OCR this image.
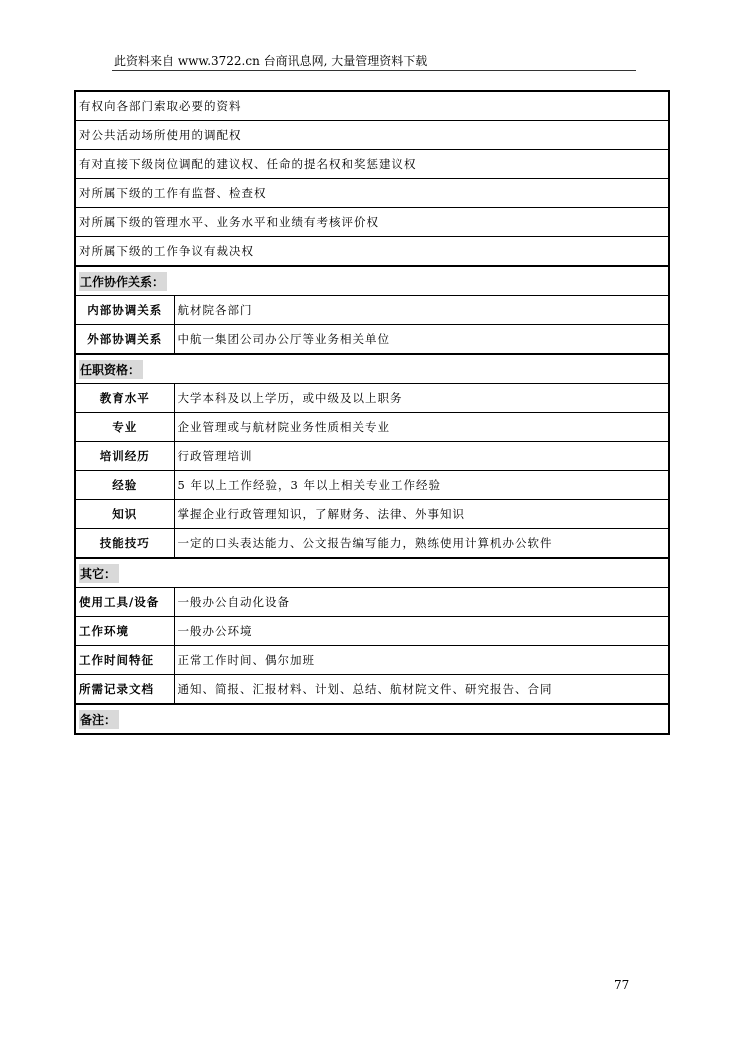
此资料来自 www.3722.cn 台商讯息网, 大量管理资料下载
有权向各部门索取必要的资料	
对公共活动场所使用的调配权	
有对直接下级岗位调配的建议权、任命的提名权和奖惩建议权	
对所属下级的工作有监督、检查权	
对所属下级的管理水平、业务水平和业绩有考核评价权	
对所属下级的工作争议有裁决权	
工作协作关系：	
内部协调关系	航材院各部门
外部协调关系	中航一集团公司办公厅等业务相关单位
任职资格：	
教育水平	大学本科及以上学历，或中级及以上职务
专业	企业管理或与航材院业务性质相关专业
培训经历	行政管理培训
经验	5 年以上工作经验，3 年以上相关专业工作经验
知识	掌握企业行政管理知识，了解财务、法律、外事知识
技能技巧	一定的口头表达能力、公文报告编写能力，熟练使用计算机办公软件
其它：	
使用工具/设备	一般办公自动化设备
工作环境	一般办公环境
工作时间特征	正常工作时间、偶尔加班
所需记录文档	通知、简报、汇报材料、计划、总结、航材院文件、研究报告、合同
备注：	
77
